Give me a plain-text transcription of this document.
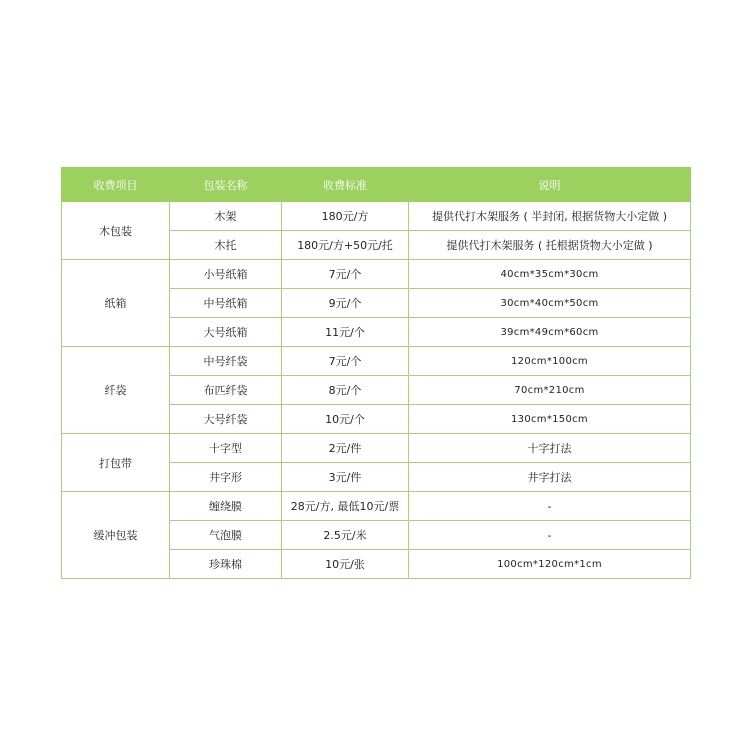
收费项目	包装名称	收费标准	说明
木包装	木架	180元/方	提供代打木架服务 ( 半封闭, 根据货物大小定做 )
	木托	180元/方+50元/托	提供代打木架服务 ( 托根据货物大小定做 )
纸箱	小号纸箱	7元/个	40cm*35cm*30cm
	中号纸箱	9元/个	30cm*40cm*50cm
	大号纸箱	11元/个	39cm*49cm*60cm
纤袋	中号纤袋	7元/个	120cm*100cm
	布匹纤袋	8元/个	70cm*210cm
	大号纤袋	10元/个	130cm*150cm
打包带	十字型	2元/件	十字打法
	井字形	3元/件	井字打法
缓冲包装	缠绕膜	28元/方, 最低10元/票	-
	气泡膜	2.5元/米	-
	珍珠棉	10元/张	100cm*120cm*1cm
